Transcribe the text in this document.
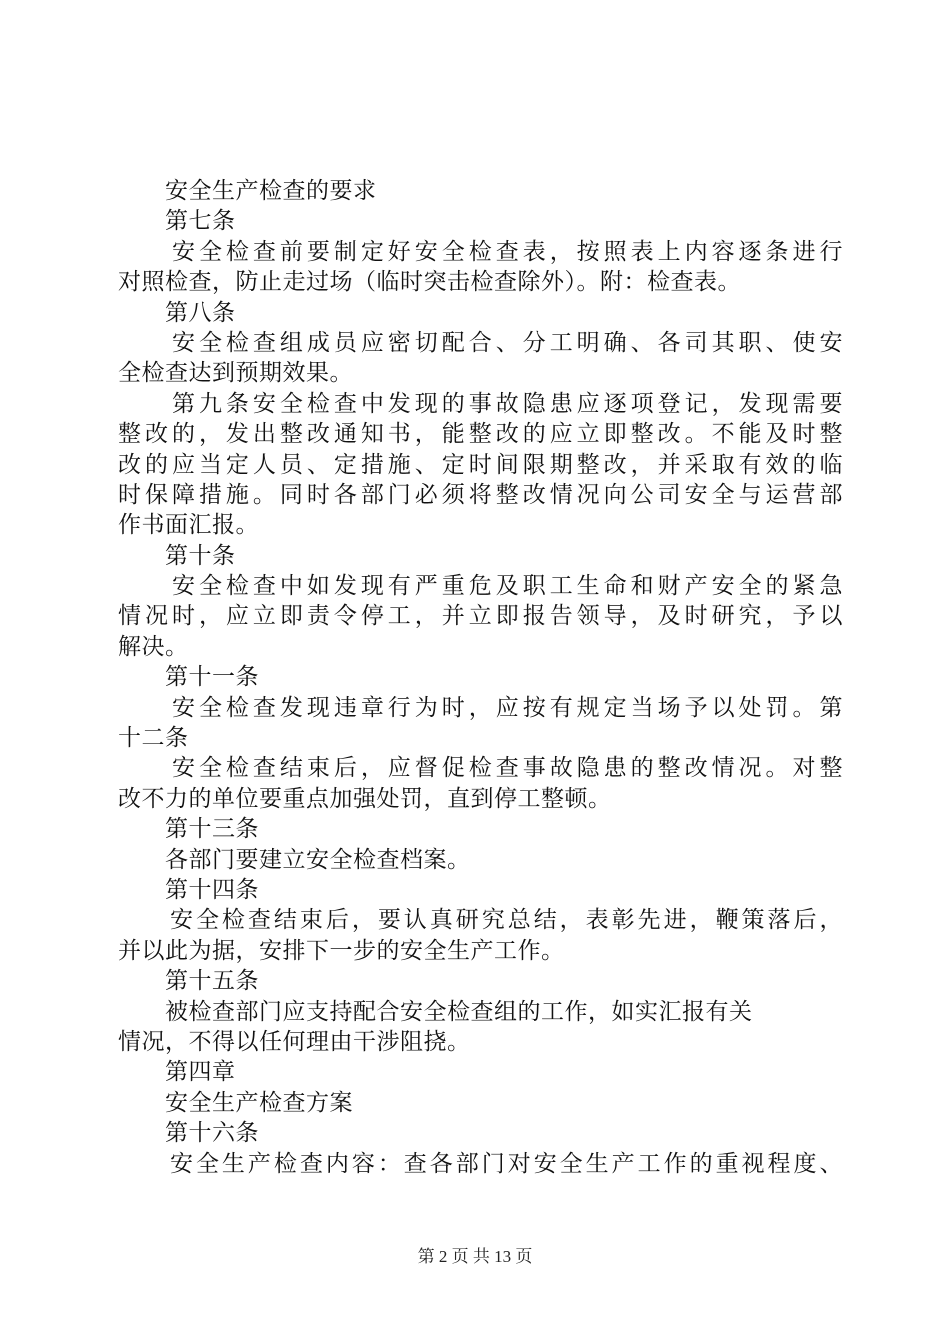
　　安全生产检查的要求
　　第七条
　　安全检查前要制定好安全检查表，按照表上内容逐条进行
对照检查，防止走过场（临时突击检查除外）。附：检查表。
　　第八条
　　安全检查组成员应密切配合、分工明确、各司其职、使安
全检查达到预期效果。
　　第九条安全检查中发现的事故隐患应逐项登记，发现需要
整改的，发出整改通知书，能整改的应立即整改。不能及时整
改的应当定人员、定措施、定时间限期整改，并采取有效的临
时保障措施。同时各部门必须将整改情况向公司安全与运营部
作书面汇报。
　　第十条
　　安全检查中如发现有严重危及职工生命和财产安全的紧急
情况时，应立即责令停工，并立即报告领导，及时研究，予以
解决。
　　第十一条
　　安全检查发现违章行为时，应按有规定当场予以处罚。第
十二条
　　安全检查结束后，应督促检查事故隐患的整改情况。对整
改不力的单位要重点加强处罚，直到停工整顿。
　　第十三条
　　各部门要建立安全检查档案。
　　第十四条
　　安全检查结束后，要认真研究总结，表彰先进，鞭策落后，
并以此为据，安排下一步的安全生产工作。
　　第十五条
　　被检查部门应支持配合安全检查组的工作，如实汇报有关
情况，不得以任何理由干涉阻挠。
　　第四章
　　安全生产检查方案
　　第十六条
　　安全生产检查内容：查各部门对安全生产工作的重视程度、
第 2 页 共 13 页
